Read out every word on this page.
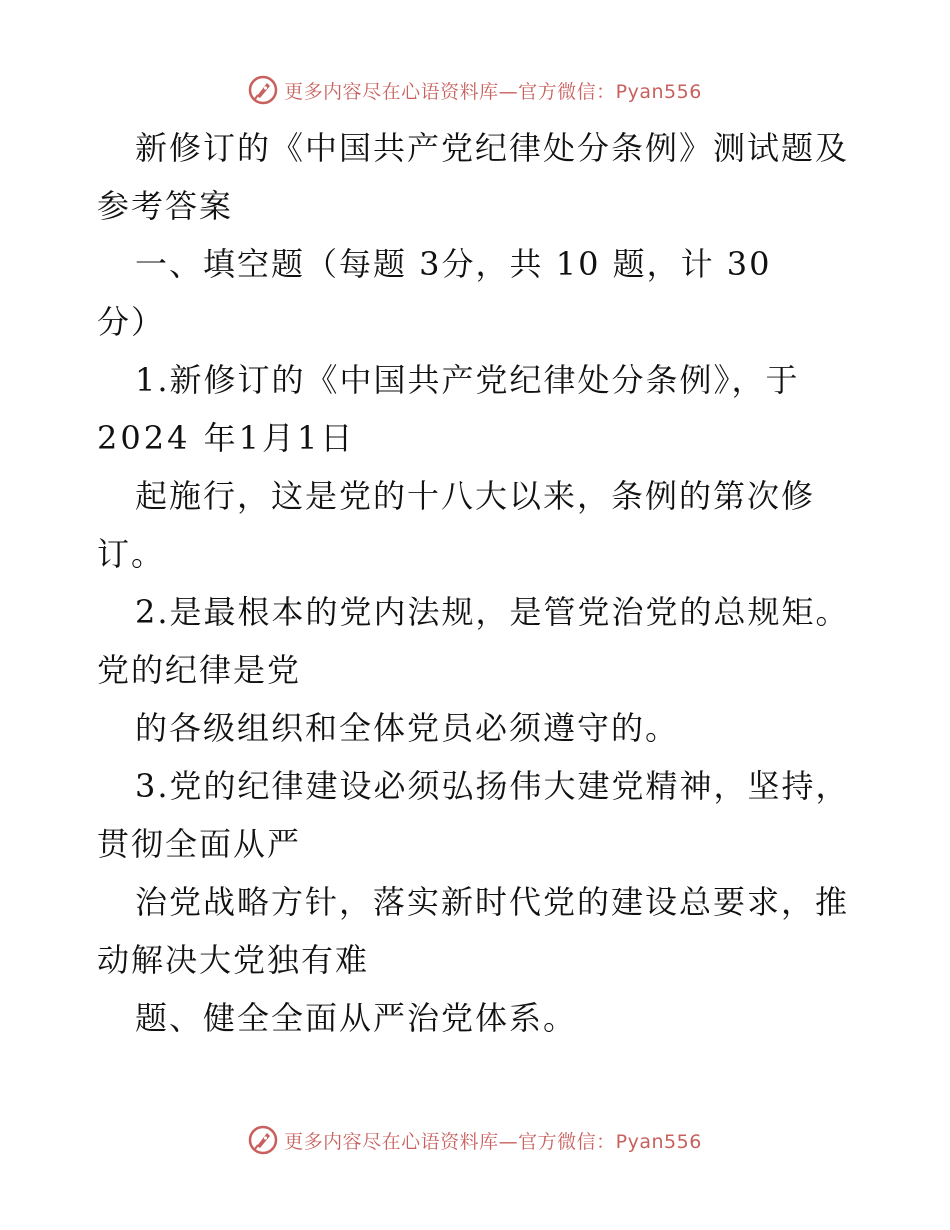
更多内容尽在心语资料库—官方微信：Pyan556
新修订的《中国共产党纪律处分条例》测试题及
参考答案
一、填空题（每题 3分，共 10 题，计 30
分）
1.新修订的《中国共产党纪律处分条例》，于
2024 年1月1日
起施行，这是党的十八大以来，条例的第次修
订。
2.是最根本的党内法规，是管党治党的总规矩。
党的纪律是党
的各级组织和全体党员必须遵守的。
3.党的纪律建设必须弘扬伟大建党精神，坚持，
贯彻全面从严
治党战略方针，落实新时代党的建设总要求，推
动解决大党独有难
题、健全全面从严治党体系。
更多内容尽在心语资料库—官方微信：Pyan556
